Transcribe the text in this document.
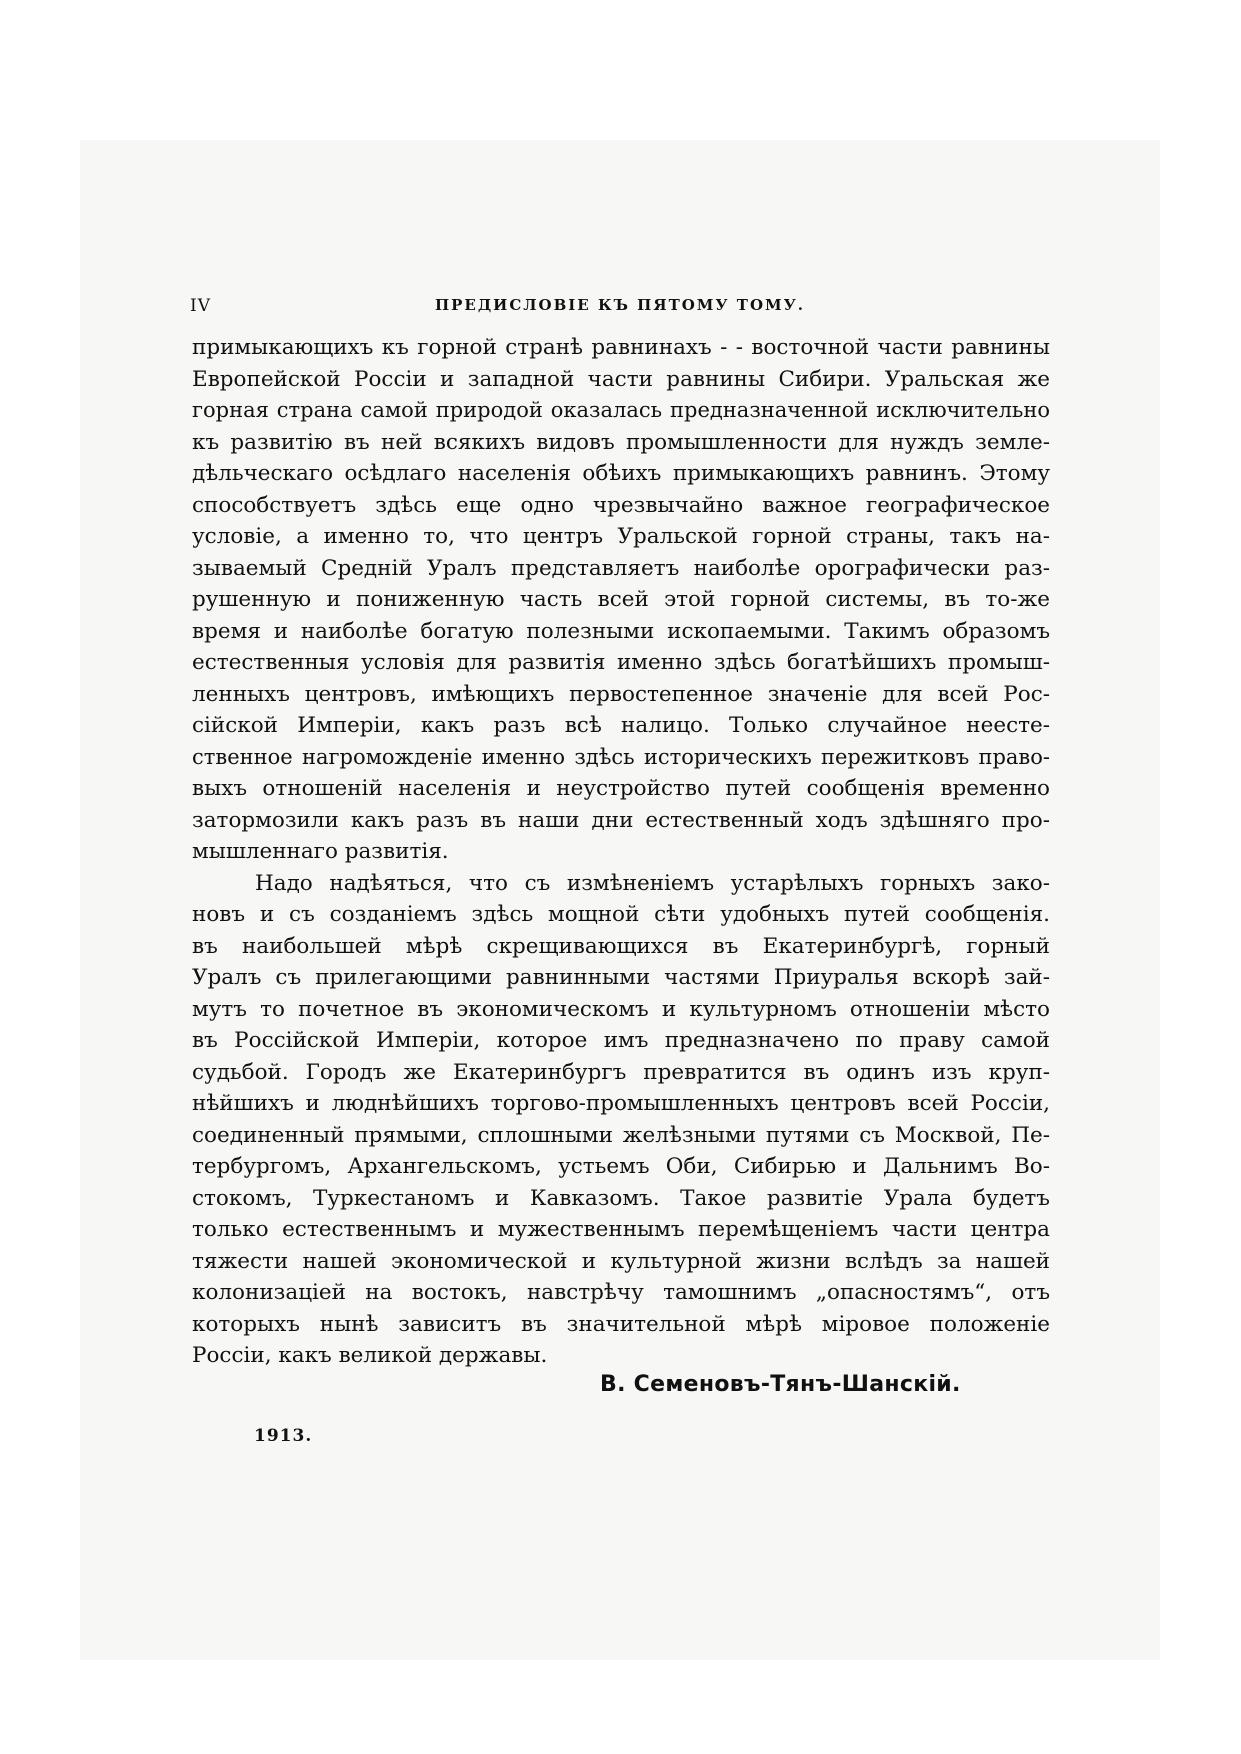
IV	ПРЕДИСЛОВІЕ КЪ ПЯТОМУ ТОМУ.
примыкающихъ къ горной странѣ равнинахъ - - восточной части равнины
Европейской Россіи и западной части равнины Сибири. Уральская же
горная страна самой природой оказалась предназначенной исключительно
къ развитію въ ней всякихъ видовъ промышленности для нуждъ земле-
дѣльческаго осѣдлаго населенія обѣихъ примыкающихъ равнинъ. Этому
способствуетъ здѣсь еще одно чрезвычайно важное географическое
условіе, а именно то, что центръ Уральской горной страны, такъ на-
зываемый Средній Уралъ представляетъ наиболѣе орографически раз-
рушенную и пониженную часть всей этой горной системы, въ то-же
время и наиболѣе богатую полезными ископаемыми. Такимъ образомъ
естественныя условія для развитія именно здѣсь богатѣйшихъ промыш-
ленныхъ центровъ, имѣющихъ первостепенное значеніе для всей Рос-
сійской Имперіи, какъ разъ всѣ налицо. Только случайное неесте-
ственное нагроможденіе именно здѣсь историческихъ пережитковъ право-
выхъ отношеній населенія и неустройство путей сообщенія временно
затормозили какъ разъ въ наши дни естественный ходъ здѣшняго про-
мышленнаго развитія.
Надо надѣяться, что съ измѣненіемъ устарѣлыхъ горныхъ зако-
новъ и съ созданіемъ здѣсь мощной сѣти удобныхъ путей сообщенія.
въ наибольшей мѣрѣ скрещивающихся въ Екатеринбургѣ, горный
Уралъ съ прилегающими равнинными частями Приуралья вскорѣ зай-
мутъ то почетное въ экономическомъ и культурномъ отношеніи мѣсто
въ Россійской Имперіи, которое имъ предназначено по праву самой
судьбой. Городъ же Екатеринбургъ превратится въ одинъ изъ круп-
нѣйшихъ и люднѣйшихъ торгово-промышленныхъ центровъ всей Россіи,
соединенный прямыми, сплошными желѣзными путями съ Москвой, Пе-
тербургомъ, Архангельскомъ, устьемъ Оби, Сибирью и Дальнимъ Во-
стокомъ, Туркестаномъ и Кавказомъ. Такое развитіе Урала будетъ
только естественнымъ и мужественнымъ перемѣщеніемъ части центра
тяжести нашей экономической и культурной жизни вслѣдъ за нашей
колонизаціей на востокъ, навстрѣчу тамошнимъ „опасностямъ“, отъ
которыхъ нынѣ зависитъ въ значительной мѣрѣ міровое положеніе
Россіи, какъ великой державы.
В. Семеновъ-Тянъ-Шанскій.
1913.
